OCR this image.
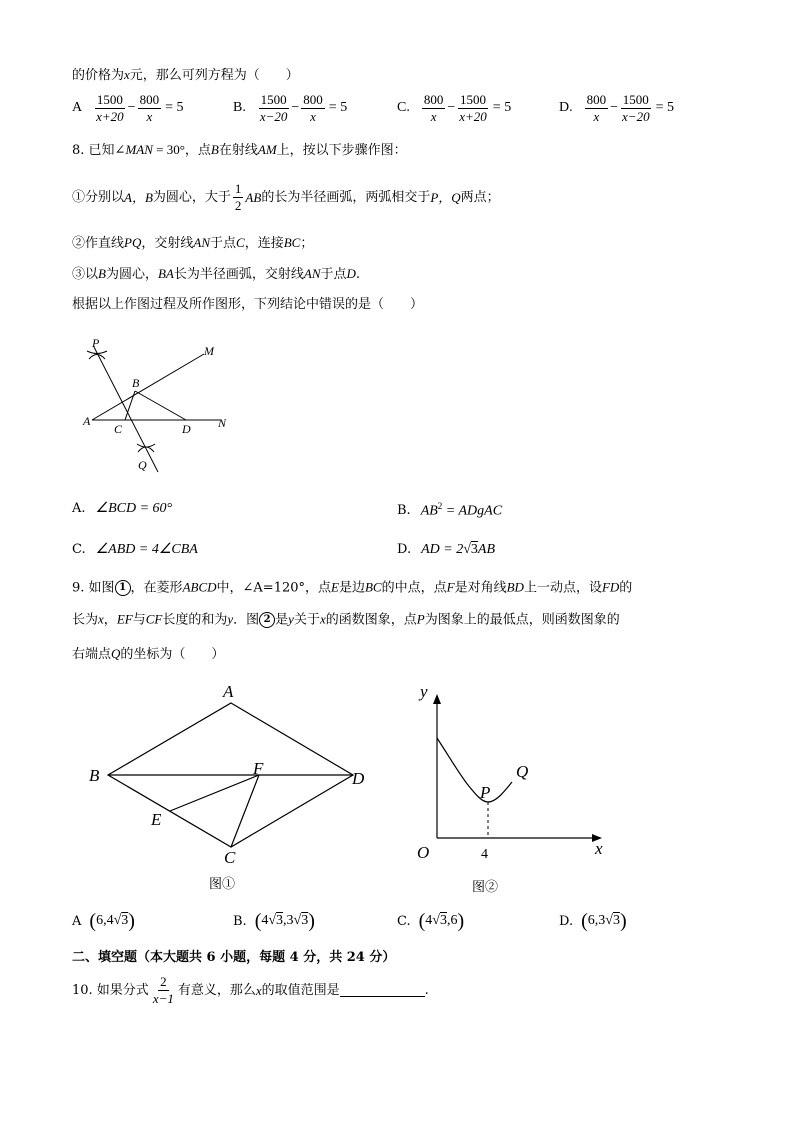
的价格为x元，那么可列方程为（　　）
A $\frac{1500}{x+20} - \frac{800}{x} = 5$	B. $\frac{1500}{x-20} - \frac{800}{x} = 5$	C. $\frac{800}{x} - \frac{1500}{x+20} = 5$	D. $\frac{800}{x} - \frac{1500}{x-20} = 5$
8. 已知∠MAN = 30°，点B在射线AM上，按以下步骤作图：
①分别以 A，B 为圆心，大于 $\frac{1}{2}$ AB 的长为半径画弧，两弧相交于 P，Q 两点；
②作直线PQ，交射线AN于点C，连接BC；
③以B为圆心，BA长为半径画弧，交射线AN于点D.
根据以上作图过程及所作图形，下列结论中错误的是（　　）
P
M
B
A
C	D N
Q
A. ∠BCD = 60°	B. $AB^2$ = ADgAC
C. ∠ABD = 4∠CBA	D. AD = 2√3AB
9. 如图 1 ，在菱形ABCD中，∠A=120°，点E是边BC的中点，点F是对角线BD上一动点，设FD的
长为x，EF与CF长度的和为y．图 2 是y关于x的函数图象，点P为图象上的最低点，则函数图象的
右端点Q的坐标为（　　）
A
B	D
F
E
C
图①
y
x
O	4
P
Q
图②
A ( 6,4 √ 3 )	B. ( 4 √ 3 ,3 √ 3 )	C. ( 4 √ 3 ,6 )	D. ( 6,3 √ 3 )
二、填空题（本大题共 6 小题，每题 4 分，共 24 分）
10. 如果分式 $\frac{2}{x-1}$ 有意义，那么 x 的取值范围是	.
